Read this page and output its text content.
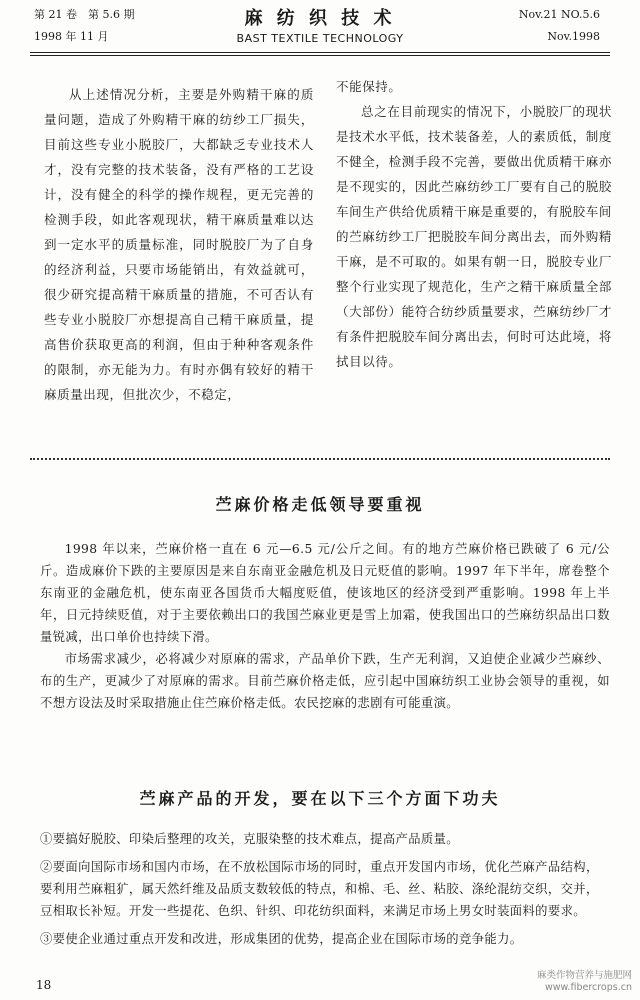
第 21 卷　第 5.6 期
1998 年 11 月
麻 纺 织 技 术
BAST TEXTILE TECHNOLOGY
Nov.21 NO.5.6
Nov.1998

从上述情况分析，主要是外购精干麻的质量问题，造成了外购精干麻的纺纱工厂损失，目前这些专业小脱胶厂，大都缺乏专业技术人才，没有完整的技术装备，没有严格的工艺设计，没有健全的科学的操作规程，更无完善的检测手段，如此客观现状，精干麻质量难以达到一定水平的质量标准，同时脱胶厂为了自身的经济利益，只要市场能销出，有效益就可，很少研究提高精干麻质量的措施，不可否认有些专业小脱胶厂亦想提高自己精干麻质量，提高售价获取更高的利润，但由于种种客观条件的限制，亦无能为力。有时亦偶有较好的精干麻质量出现，但批次少，不稳定，

不能保持。

总之在目前现实的情况下，小脱胶厂的现状是技术水平低，技术装备差，人的素质低，制度不健全，检测手段不完善，要做出优质精干麻亦是不现实的，因此苎麻纺纱工厂要有自己的脱胶车间生产供给优质精干麻是重要的，有脱胶车间的苎麻纺纱工厂把脱胶车间分离出去，而外购精干麻，是不可取的。如果有朝一日，脱胶专业厂整个行业实现了规范化，生产之精干麻质量全部（大部份）能符合纺纱质量要求，苎麻纺纱厂才有条件把脱胶车间分离出去，何时可达此境，将拭目以待。

苎麻价格走低领导要重视

1998 年以来，苎麻价格一直在 6 元—6.5 元/公斤之间。有的地方苎麻价格已跌破了 6 元/公斤。造成麻价下跌的主要原因是来自东南亚金融危机及日元贬值的影响。1997 年下半年，席卷整个东南亚的金融危机，使东南亚各国货币大幅度贬值，使该地区的经济受到严重影响。1998 年上半年，日元持续贬值，对于主要依赖出口的我国苎麻业更是雪上加霜，使我国出口的苎麻纺织品出口数量锐减，出口单价也持续下滑。

市场需求减少，必将减少对原麻的需求，产品单价下跌，生产无利润，又迫使企业减少苎麻纱、布的生产，更减少了对原麻的需求。目前苎麻价格走低，应引起中国麻纺织工业协会领导的重视，如不想方设法及时采取措施止住苎麻价格走低。农民挖麻的悲剧有可能重演。

苎麻产品的开发，要在以下三个方面下功夫

①要搞好脱胶、印染后整理的攻关，克服染整的技术难点，提高产品质量。

②要面向国际市场和国内市场，在不放松国际市场的同时，重点开发国内市场，优化苎麻产品结构，要利用苎麻粗犷，属天然纤维及品质支数较低的特点，和棉、毛、丝、粘胶、涤纶混纺交织，交并，豆相取长补短。开发一些提花、色织、针织、印花纺织面料，来满足市场上男女时装面料的要求。

③要使企业通过重点开发和改进，形成集团的优势，提高企业在国际市场的竞争能力。

18
麻类作物营养与施肥网
www.fibercrops.cn
